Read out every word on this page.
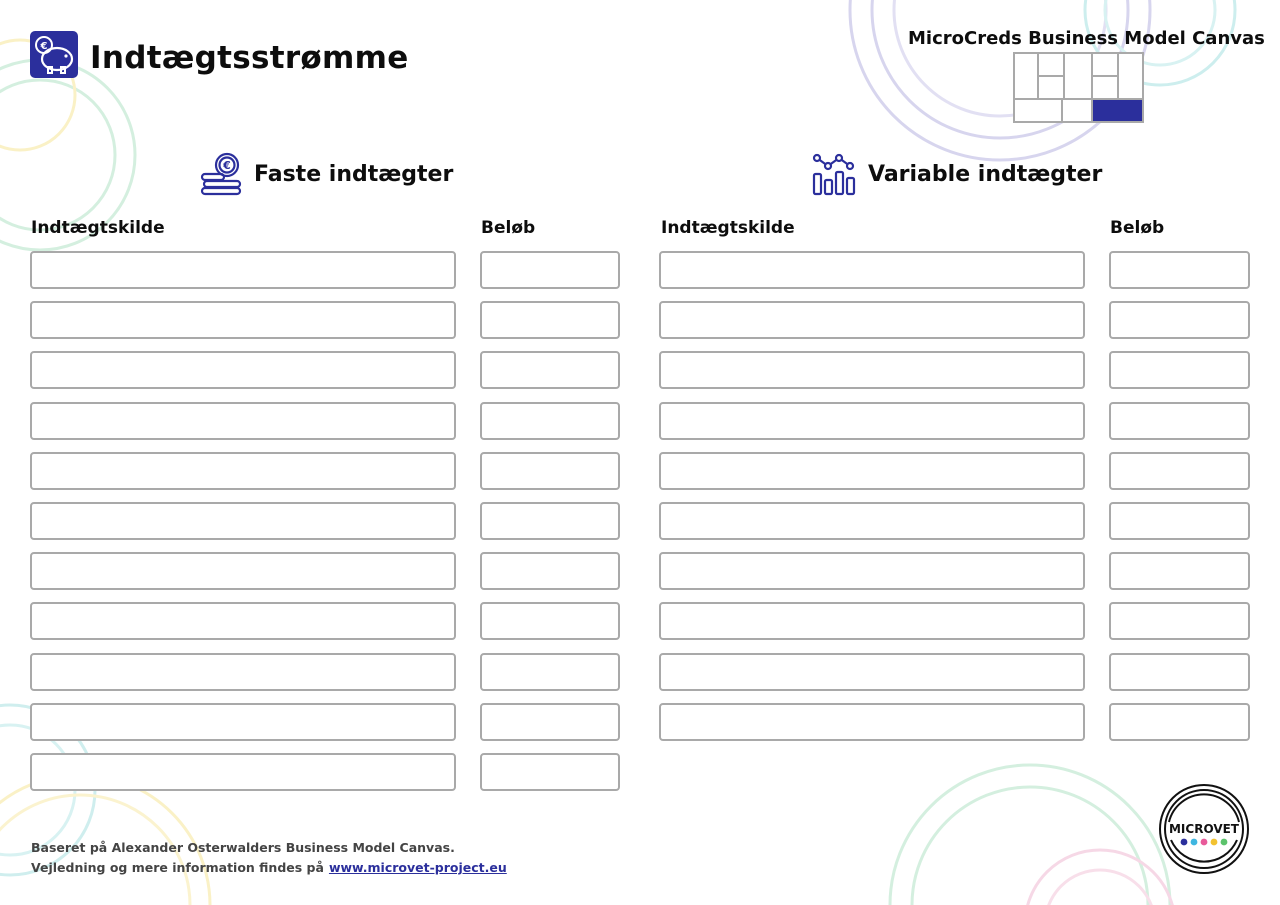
€ Indtægtsstrømme
MicroCreds Business Model Canvas
€ Faste indtægter
Indtægtskilde	Beløb
Variable indtægter
Indtægtskilde	Beløb
Baseret på Alexander Osterwalders Business Model Canvas.
Vejledning og mere information findes på www.microvet-project.eu
MICROVET
